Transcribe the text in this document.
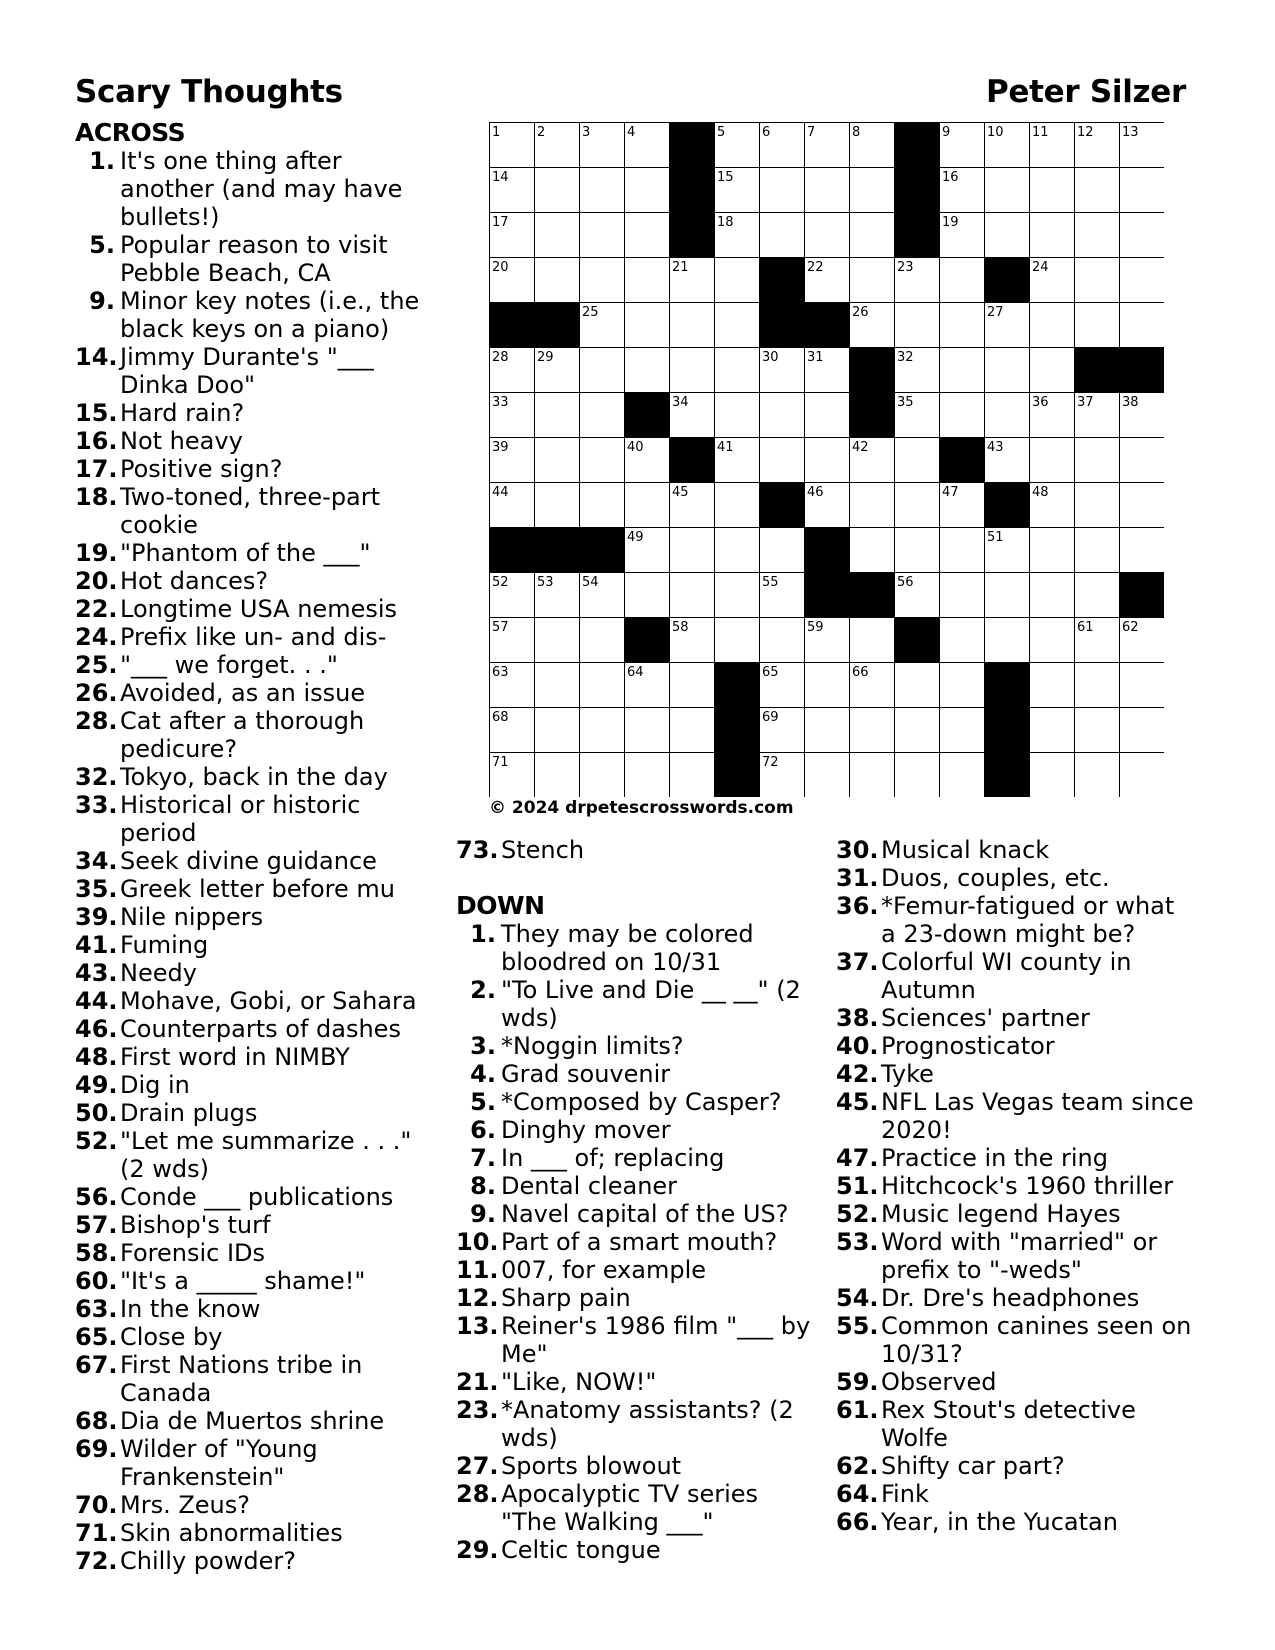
Scary Thoughts	Peter Silzer
ACROSS
1. It's one thing after
another (and may have
bullets!)
5. Popular reason to visit
Pebble Beach, CA
9. Minor key notes (i.e., the
black keys on a piano)
14. Jimmy Durante's "___
Dinka Doo"
15. Hard rain?
16. Not heavy
17. Positive sign?
18. Two-toned, three-part
cookie
19. "Phantom of the ___"
20. Hot dances?
22. Longtime USA nemesis
24. Prefix like un- and dis-
25. "___ we forget. . ."
26. Avoided, as an issue
28. Cat after a thorough
pedicure?
32. Tokyo, back in the day
33. Historical or historic
period
34. Seek divine guidance
35. Greek letter before mu
39. Nile nippers
41. Fuming
43. Needy
44. Mohave, Gobi, or Sahara
46. Counterparts of dashes
48. First word in NIMBY
49. Dig in
50. Drain plugs
52. "Let me summarize . . ."
(2 wds)
56. Conde ___ publications
57. Bishop's turf
58. Forensic IDs
60. "It's a _____ shame!"
63. In the know
65. Close by
67. First Nations tribe in
Canada
68. Dia de Muertos shrine
69. Wilder of "Young
Frankenstein"
70. Mrs. Zeus?
71. Skin abnormalities
72. Chilly powder?
1	2	3	4	5	6	7	8	9	10 11 12 13
14	15	16
17	18	19
20	21	22	23	24
25	26	27
28 29	30 31	32
33	34	35	36 37 38
39	40	41	42	43
44	45	46	47	48
49	50	51
52 53 54	55	56
57	58	59	60	61 62
63	64	65	66	67
68	69	70
71	72	73
© 2024 drpetescrosswords.com
73. Stench
DOWN
1. They may be colored
bloodred on 10/31
2. "To Live and Die __ __" (2
wds)
3. *Noggin limits?
4. Grad souvenir
5. *Composed by Casper?
6. Dinghy mover
7. In ___ of; replacing
8. Dental cleaner
9. Navel capital of the US?
10. Part of a smart mouth?
11. 007, for example
12. Sharp pain
13. Reiner's 1986 film "___ by
Me"
21. "Like, NOW!"
23. *Anatomy assistants? (2
wds)
27. Sports blowout
28. Apocalyptic TV series
"The Walking ___"
29. Celtic tongue
30. Musical knack
31. Duos, couples, etc.
36. *Femur-fatigued or what
a 23-down might be?
37. Colorful WI county in
Autumn
38. Sciences' partner
40. Prognosticator
42. Tyke
45. NFL Las Vegas team since
2020!
47. Practice in the ring
51. Hitchcock's 1960 thriller
52. Music legend Hayes
53. Word with "married" or
prefix to "-weds"
54. Dr. Dre's headphones
55. Common canines seen on
10/31?
59. Observed
61. Rex Stout's detective
Wolfe
62. Shifty car part?
64. Fink
66. Year, in the Yucatan
